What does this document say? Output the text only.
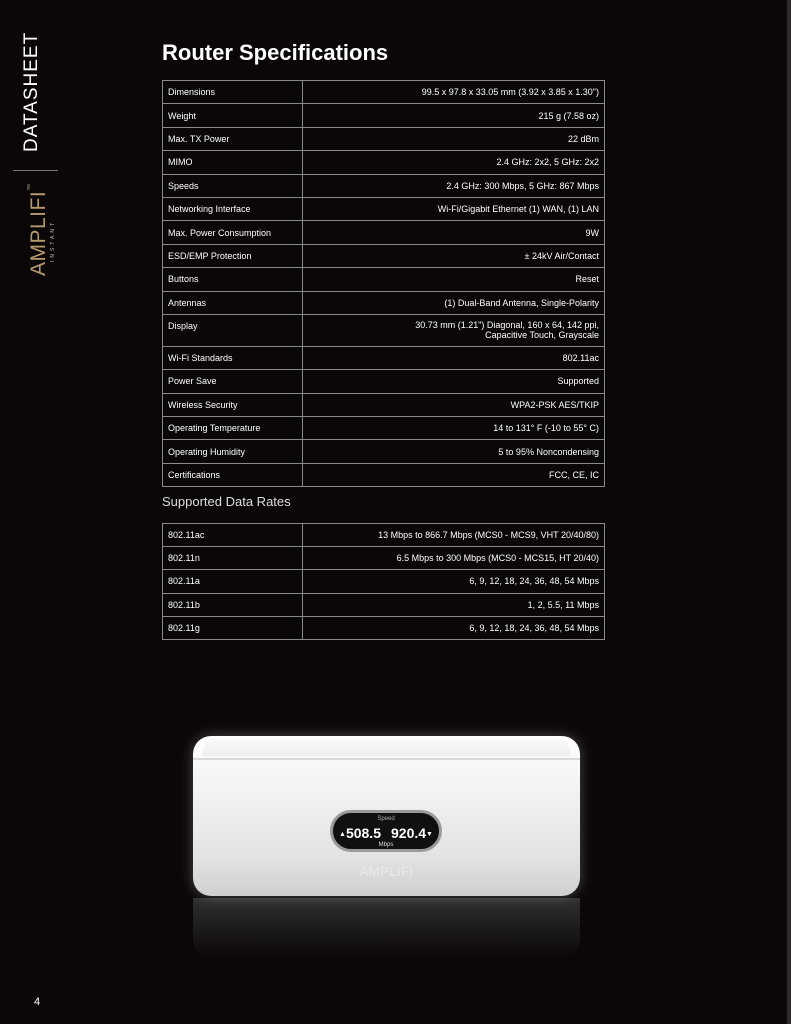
DATASHEET
AMPLIFI™
INSTANT
Router Specifications
Dimensions	99.5 x 97.8 x 33.05 mm (3.92 x 3.85 x 1.30")
Weight	215 g (7.58 oz)
Max. TX Power	22 dBm
MIMO	2.4 GHz: 2x2, 5 GHz: 2x2
Speeds	2.4 GHz: 300 Mbps, 5 GHz: 867 Mbps
Networking Interface	Wi-Fi/Gigabit Ethernet (1) WAN, (1) LAN
Max. Power Consumption	9W
ESD/EMP Protection	± 24kV Air/Contact
Buttons	Reset
Antennas	(1) Dual-Band Antenna, Single-Polarity
Display	30.73 mm (1.21") Diagonal, 160 x 64, 142 ppi,
Capacitive Touch, Grayscale

Wi-Fi Standards	802.11ac
Power Save	Supported
Wireless Security	WPA2-PSK AES/TKIP
Operating Temperature	14 to 131° F (-10 to 55° C)
Operating Humidity	5 to 95% Noncondensing
Certifications	FCC, CE, IC
Supported Data Rates
802.11ac	13 Mbps to 866.7 Mbps (MCS0 - MCS9, VHT 20/40/80)
802.11n	6.5 Mbps to 300 Mbps (MCS0 - MCS15, HT 20/40)
802.11a	6, 9, 12, 18, 24, 36, 48, 54 Mbps
802.11b	1, 2, 5.5, 11 Mbps
802.11g	6, 9, 12, 18, 24, 36, 48, 54 Mbps
Speed
▲508.5 920.4▼
Mbps
AMPLIFI
4
